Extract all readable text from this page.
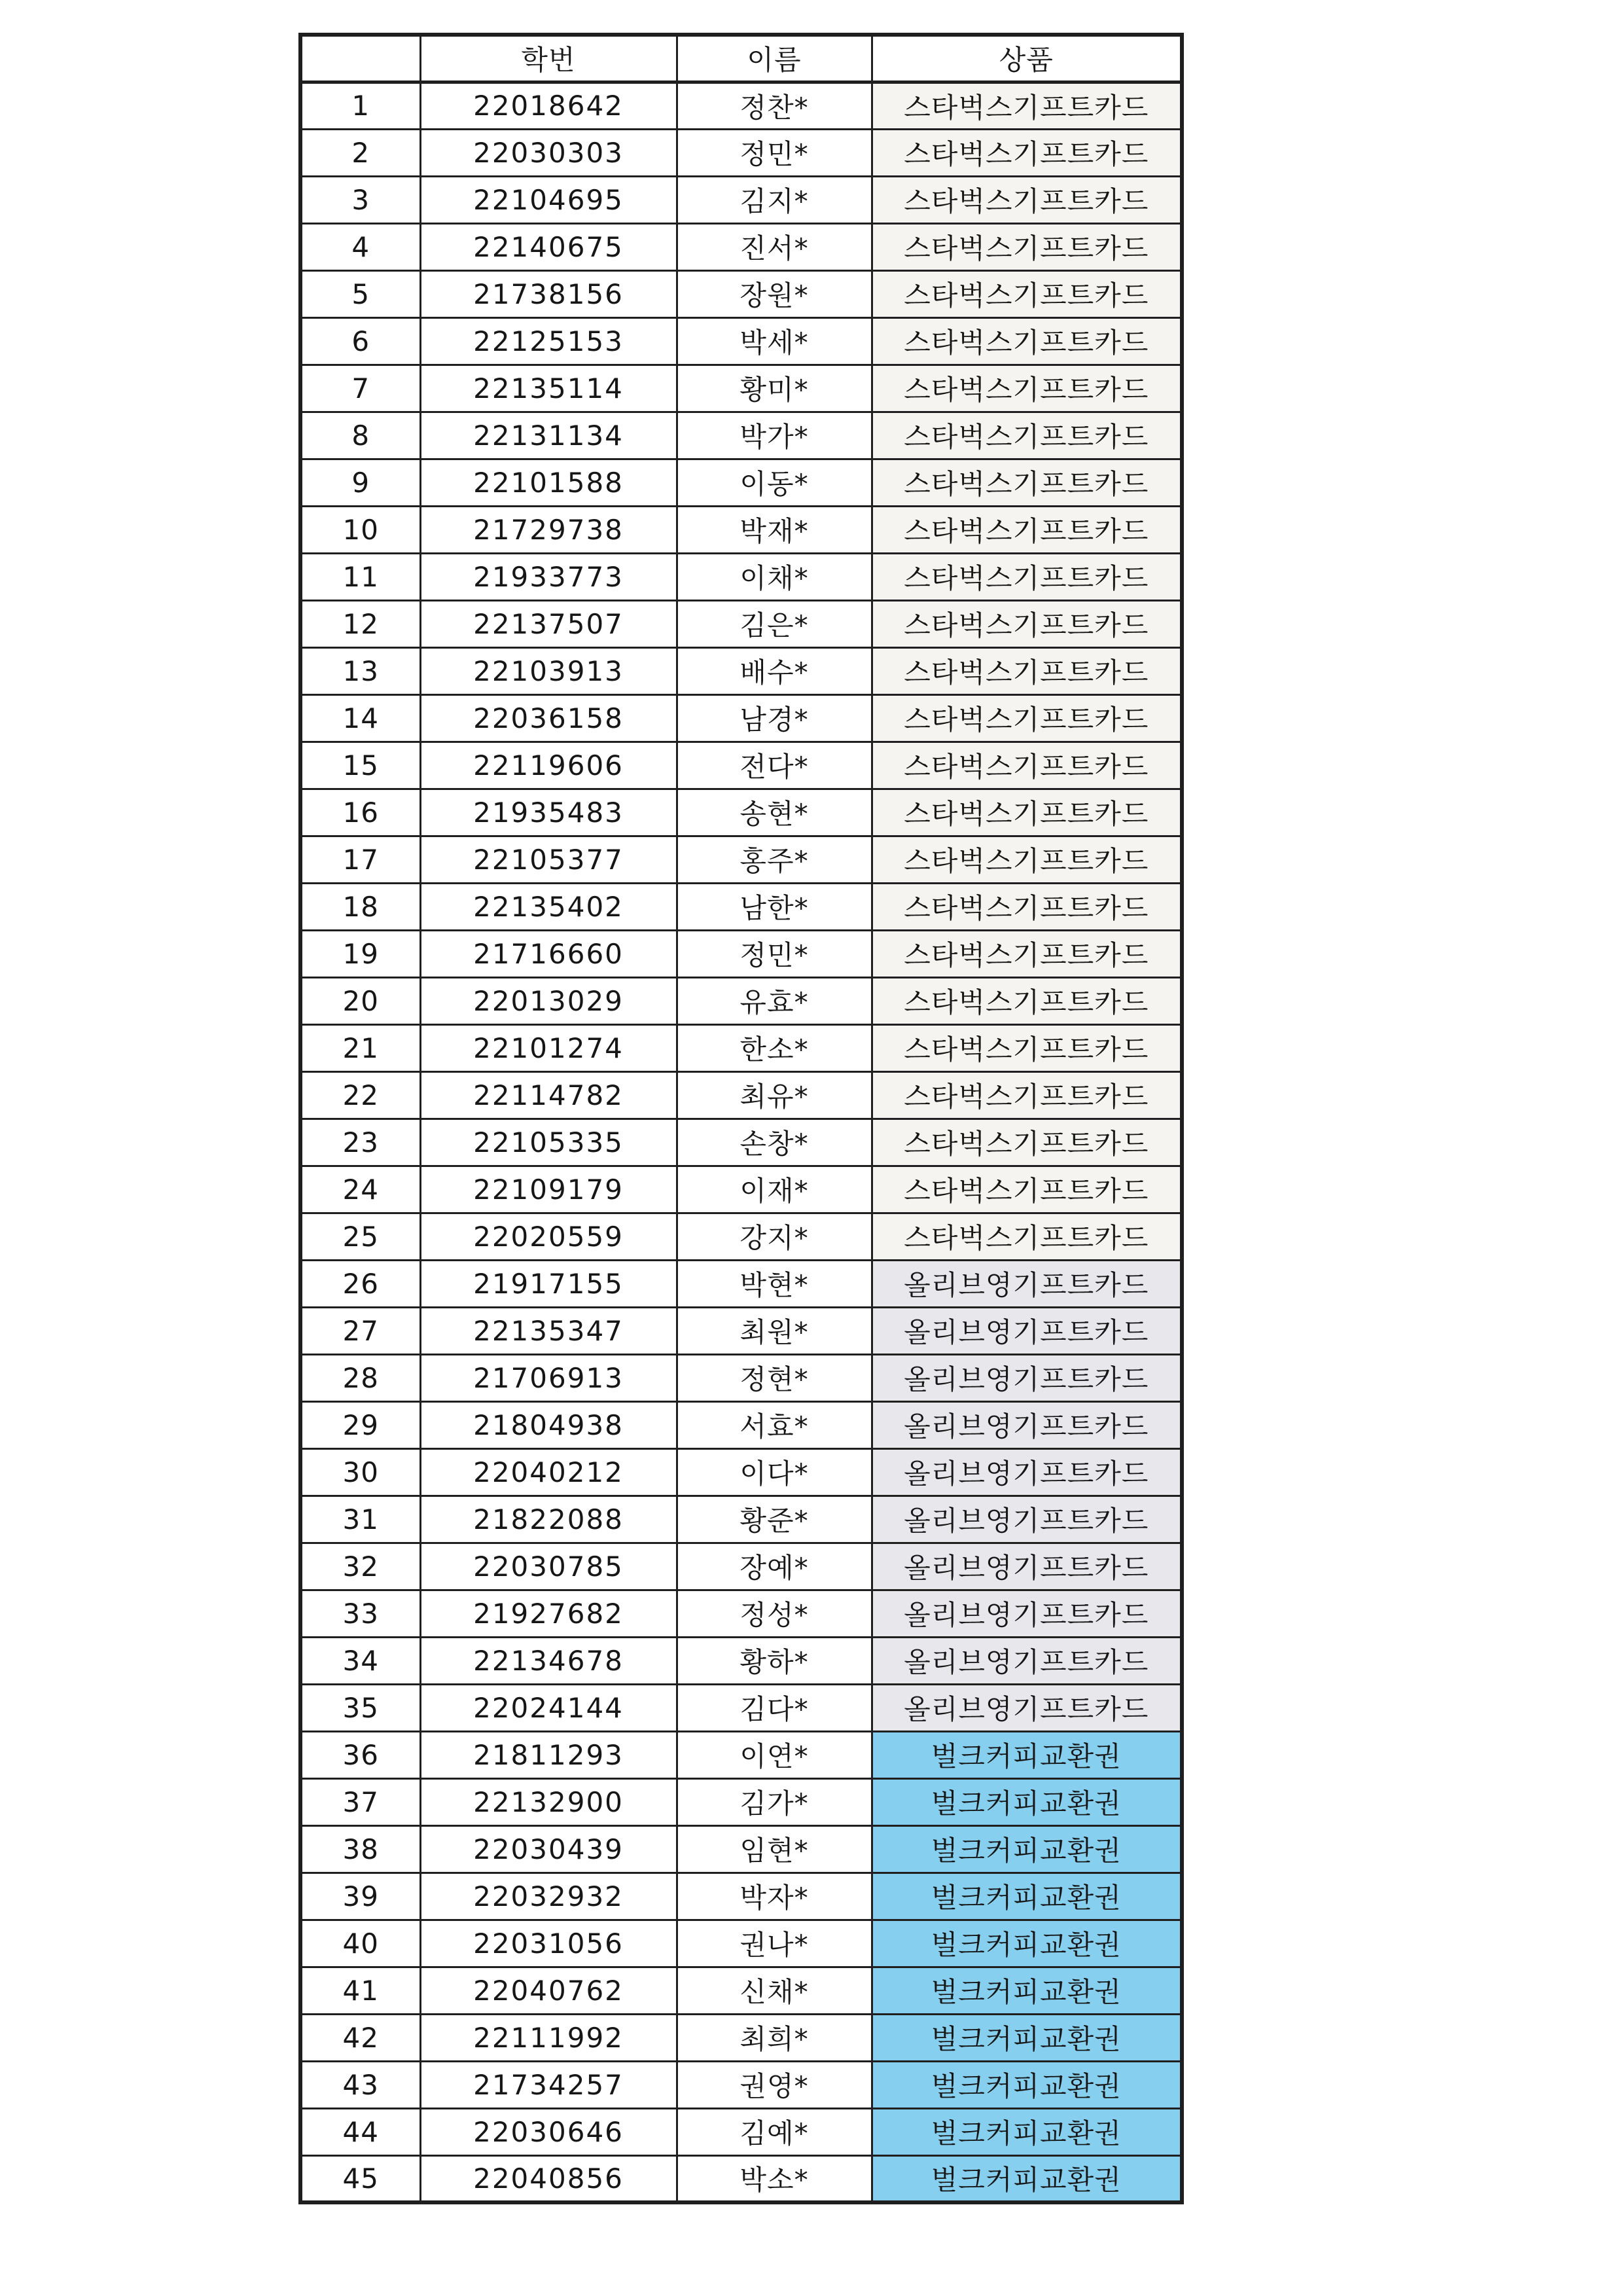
	학번	이름	상품
1	22018642	정찬*	스타벅스기프트카드
2	22030303	정민*	스타벅스기프트카드
3	22104695	김지*	스타벅스기프트카드
4	22140675	진서*	스타벅스기프트카드
5	21738156	장원*	스타벅스기프트카드
6	22125153	박세*	스타벅스기프트카드
7	22135114	황미*	스타벅스기프트카드
8	22131134	박가*	스타벅스기프트카드
9	22101588	이동*	스타벅스기프트카드
10	21729738	박재*	스타벅스기프트카드
11	21933773	이채*	스타벅스기프트카드
12	22137507	김은*	스타벅스기프트카드
13	22103913	배수*	스타벅스기프트카드
14	22036158	남경*	스타벅스기프트카드
15	22119606	전다*	스타벅스기프트카드
16	21935483	송현*	스타벅스기프트카드
17	22105377	홍주*	스타벅스기프트카드
18	22135402	남한*	스타벅스기프트카드
19	21716660	정민*	스타벅스기프트카드
20	22013029	유효*	스타벅스기프트카드
21	22101274	한소*	스타벅스기프트카드
22	22114782	최유*	스타벅스기프트카드
23	22105335	손창*	스타벅스기프트카드
24	22109179	이재*	스타벅스기프트카드
25	22020559	강지*	스타벅스기프트카드
26	21917155	박현*	올리브영기프트카드
27	22135347	최원*	올리브영기프트카드
28	21706913	정현*	올리브영기프트카드
29	21804938	서효*	올리브영기프트카드
30	22040212	이다*	올리브영기프트카드
31	21822088	황준*	올리브영기프트카드
32	22030785	장예*	올리브영기프트카드
33	21927682	정성*	올리브영기프트카드
34	22134678	황하*	올리브영기프트카드
35	22024144	김다*	올리브영기프트카드
36	21811293	이연*	벌크커피교환권
37	22132900	김가*	벌크커피교환권
38	22030439	임현*	벌크커피교환권
39	22032932	박자*	벌크커피교환권
40	22031056	권나*	벌크커피교환권
41	22040762	신채*	벌크커피교환권
42	22111992	최희*	벌크커피교환권
43	21734257	권영*	벌크커피교환권
44	22030646	김예*	벌크커피교환권
45	22040856	박소*	벌크커피교환권
